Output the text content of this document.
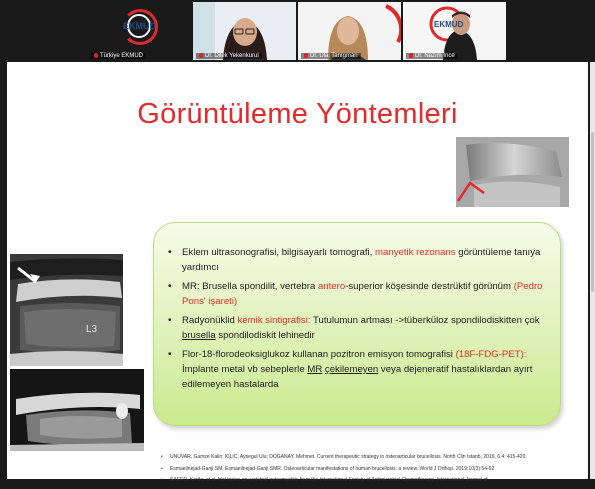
EKMUD
Türkiye EKMUD	Dr. Dilek Yekenkurul	Dr. Ülaj Tanıgman
EKMUD
Dr. Nazım İnce
Görüntüleme Yöntemleri
L3
• Eklem ultrasonografisi, bilgisayarlı tomografi, manyetik rezonans görüntüleme tanıya yardımcı
• MR: Brusella spondilit, vertebra antero-superior köşesinde destrüktif görünüm (Pedro Pons' işareti)
• Radyonüklid kemik sintigrafisi: Tutulumun artması ->tüberküloz spondilodiskitten çok brusella spondilodiskit lehinedir
• Flor-18-florodeoksiglukoz kullanan pozitron emisyon tomografisi (18F-FDG-PET): İmplante metal vb sebeplerle MR çekilemeyen veya dejeneratif hastalıklardan ayırt edilemeyen hastalarda
• UNUVAR, Gamze Kalin; KILIC, Aysegul Ulu; DOGANAY, Mehmet. Current therapeutic strategy in osteoarticular brucellosis. North Clin Istanb, 2019, 6.4: 415-420.
• Esmaeilnejad-Ganji SM, Esmaeilnejad-Ganji SMR. Osteoarticular manifestations of human brucellosis: a review. World J Orthop. 2019;10(3):54-62
• SAEED, Kordo, et al. Hot topics on vertebral osteomyelitis from the International Society of Antimicrobial Chemotherapy. International Journal of
